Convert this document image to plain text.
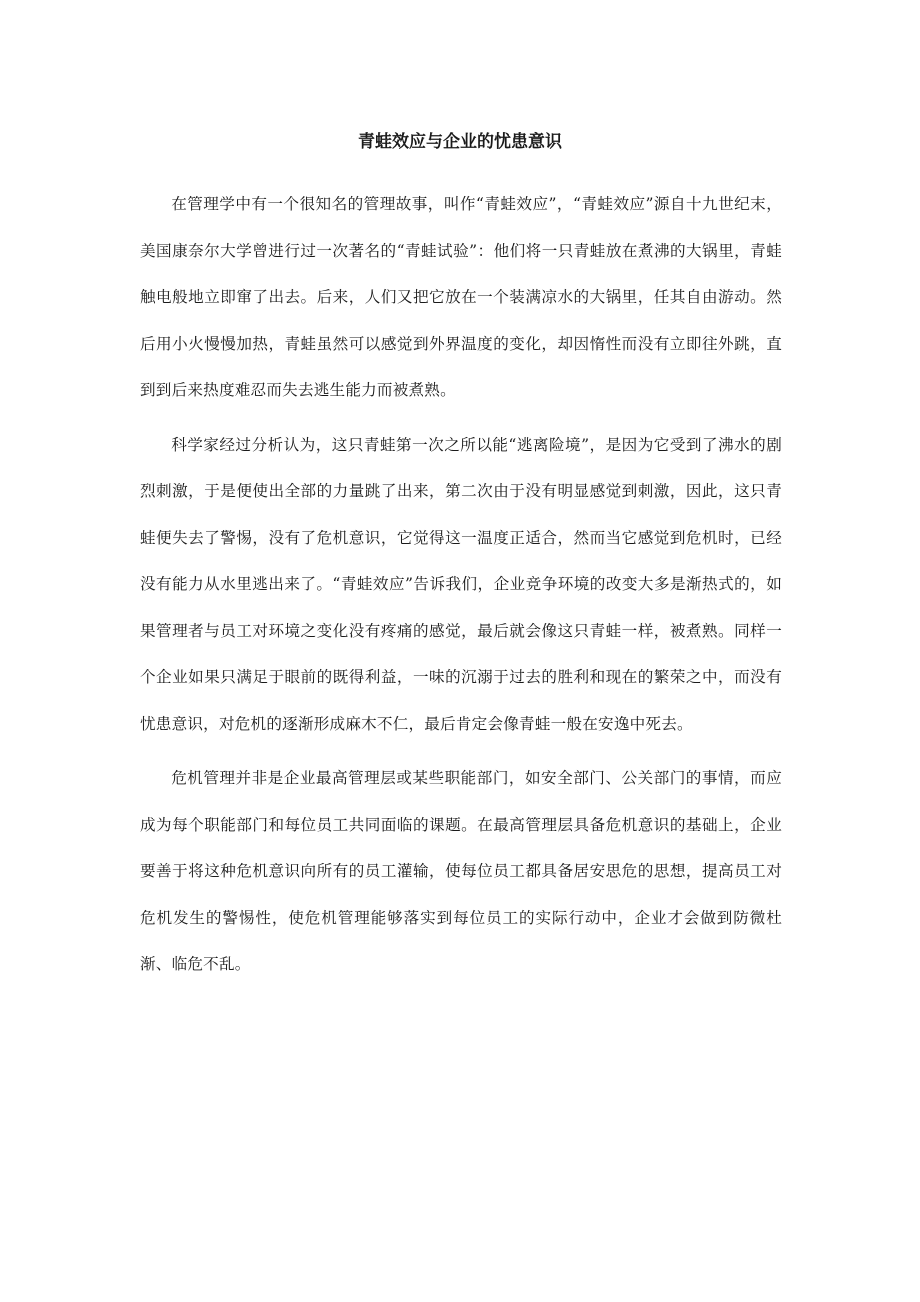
青蛙效应与企业的忧患意识

在管理学中有一个很知名的管理故事，叫作“青蛙效应”，“青蛙效应”源自十九世纪末，美国康奈尔大学曾进行过一次著名的“青蛙试验”：他们将一只青蛙放在煮沸的大锅里，青蛙触电般地立即窜了出去。后来，人们又把它放在一个装满凉水的大锅里，任其自由游动。然后用小火慢慢加热，青蛙虽然可以感觉到外界温度的变化，却因惰性而没有立即往外跳，直到到后来热度难忍而失去逃生能力而被煮熟。

科学家经过分析认为，这只青蛙第一次之所以能“逃离险境”，是因为它受到了沸水的剧烈刺激，于是便使出全部的力量跳了出来，第二次由于没有明显感觉到刺激，因此，这只青蛙便失去了警惕，没有了危机意识，它觉得这一温度正适合，然而当它感觉到危机时，已经没有能力从水里逃出来了。“青蛙效应”告诉我们，企业竞争环境的改变大多是渐热式的，如果管理者与员工对环境之变化没有疼痛的感觉，最后就会像这只青蛙一样，被煮熟。同样一个企业如果只满足于眼前的既得利益，一味的沉溺于过去的胜利和现在的繁荣之中，而没有忧患意识，对危机的逐渐形成麻木不仁，最后肯定会像青蛙一般在安逸中死去。

危机管理并非是企业最高管理层或某些职能部门，如安全部门、公关部门的事情，而应成为每个职能部门和每位员工共同面临的课题。在最高管理层具备危机意识的基础上，企业要善于将这种危机意识向所有的员工灌输，使每位员工都具备居安思危的思想，提高员工对危机发生的警惕性，使危机管理能够落实到每位员工的实际行动中，企业才会做到防微杜渐、临危不乱。
